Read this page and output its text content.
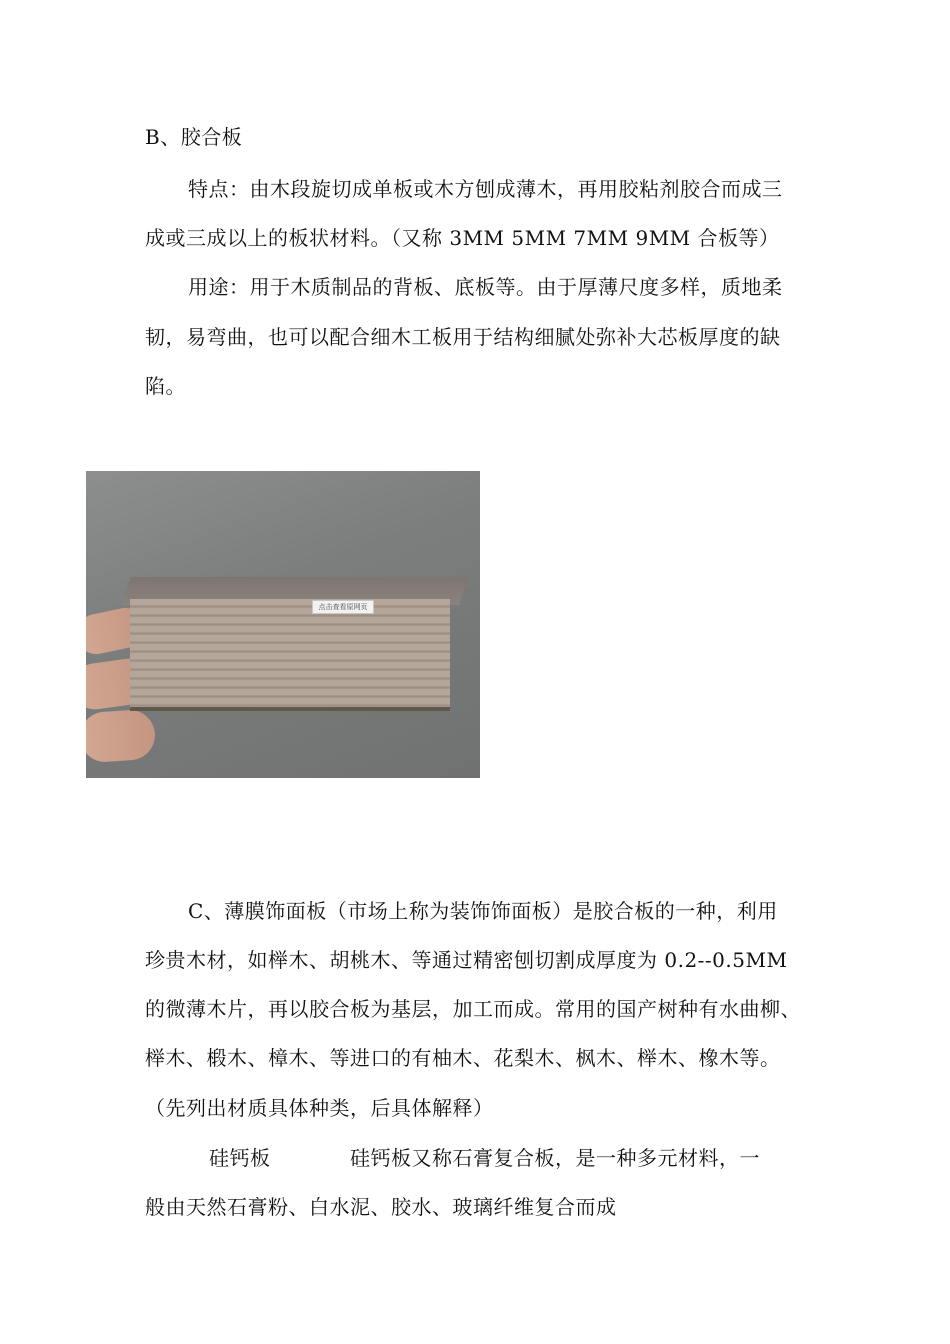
B、胶合板
特点：由木段旋切成单板或木方刨成薄木，再用胶粘剂胶合而成三
成或三成以上的板状材料。（又称 3MM 5MM 7MM 9MM 合板等）
用途：用于木质制品的背板、底板等。由于厚薄尺度多样，质地柔
韧，易弯曲，也可以配合细木工板用于结构细腻处弥补大芯板厚度的缺
陷。
点击查看原网页
C、薄膜饰面板（市场上称为装饰饰面板）是胶合板的一种，利用
珍贵木材，如榉木、胡桃木、等通过精密刨切割成厚度为 0.2--0.5MM
的微薄木片，再以胶合板为基层，加工而成。常用的国产树种有水曲柳、
榉木、椴木、樟木、等进口的有柚木、花梨木、枫木、榉木、橡木等。
（先列出材质具体种类，后具体解释）
硅钙板	硅钙板又称石膏复合板，是一种多元材料，一
般由天然石膏粉、白水泥、胶水、玻璃纤维复合而成
